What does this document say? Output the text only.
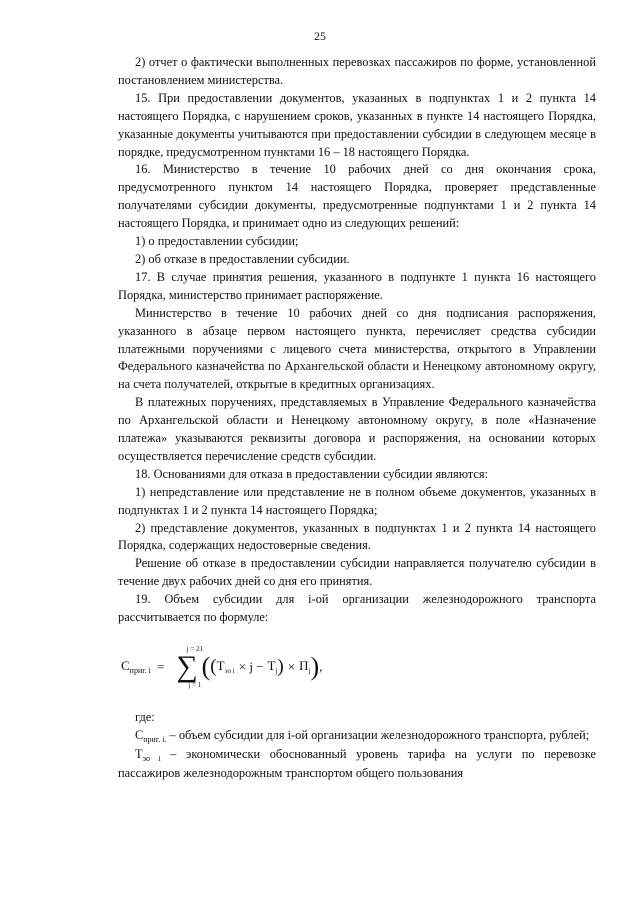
25

2) отчет о фактически выполненных перевозках пассажиров по форме, установленной постановлением министерства.

15. При предоставлении документов, указанных в подпунктах 1 и 2 пункта 14 настоящего Порядка, с нарушением сроков, указанных в пункте 14 настоящего Порядка, указанные документы учитываются при предоставлении субсидии в следующем месяце в порядке, предусмотренном пунктами 16 – 18 настоящего Порядка.

16. Министерство в течение 10 рабочих дней со дня окончания срока, предусмотренного пунктом 14 настоящего Порядка, проверяет представленные получателями субсидии документы, предусмотренные подпунктами 1 и 2 пункта 14 настоящего Порядка, и принимает одно из следующих решений:

1) о предоставлении субсидии;

2) об отказе в предоставлении субсидии.

17. В случае принятия решения, указанного в подпункте 1 пункта 16 настоящего Порядка, министерство принимает распоряжение.

Министерство в течение 10 рабочих дней со дня подписания распоряжения, указанного в абзаце первом настоящего пункта, перечисляет средства субсидии платежными поручениями с лицевого счета министерства, открытого в Управлении Федерального казначейства по Архангельской области и Ненецкому автономному округу, на счета получателей, открытые в кредитных организациях.

В платежных поручениях, представляемых в Управление Федерального казначейства по Архангельской области и Ненецкому автономному округу, в поле «Назначение платежа» указываются реквизиты договора и распоряжения, на основании которых осуществляется перечисление средств субсидии.

18. Основаниями для отказа в предоставлении субсидии являются:

1) непредставление или представление не в полном объеме документов, указанных в подпунктах 1 и 2 пункта 14 настоящего Порядка;

2) представление документов, указанных в подпунктах 1 и 2 пункта 14 настоящего Порядка, содержащих недостоверные сведения.

Решение об отказе в предоставлении субсидии направляется получателю субсидии в течение двух рабочих дней со дня его принятия.

19. Объем субсидии для i-ой организации железнодорожного транспорта рассчитывается по формуле:

$С_{приг. i}$ =
j = 21
∑
j = 1
( ( $Т_{эо i} \times j - Т_j$ ) × $П_j$ ) ,

где:

$С_{приг. i.}$ – объем субсидии для i-ой организации железнодорожного транспорта, рублей;

$Т_{эо i}$ – экономически обоснованный уровень тарифа на услуги по перевозке пассажиров железнодорожным транспортом общего пользования
